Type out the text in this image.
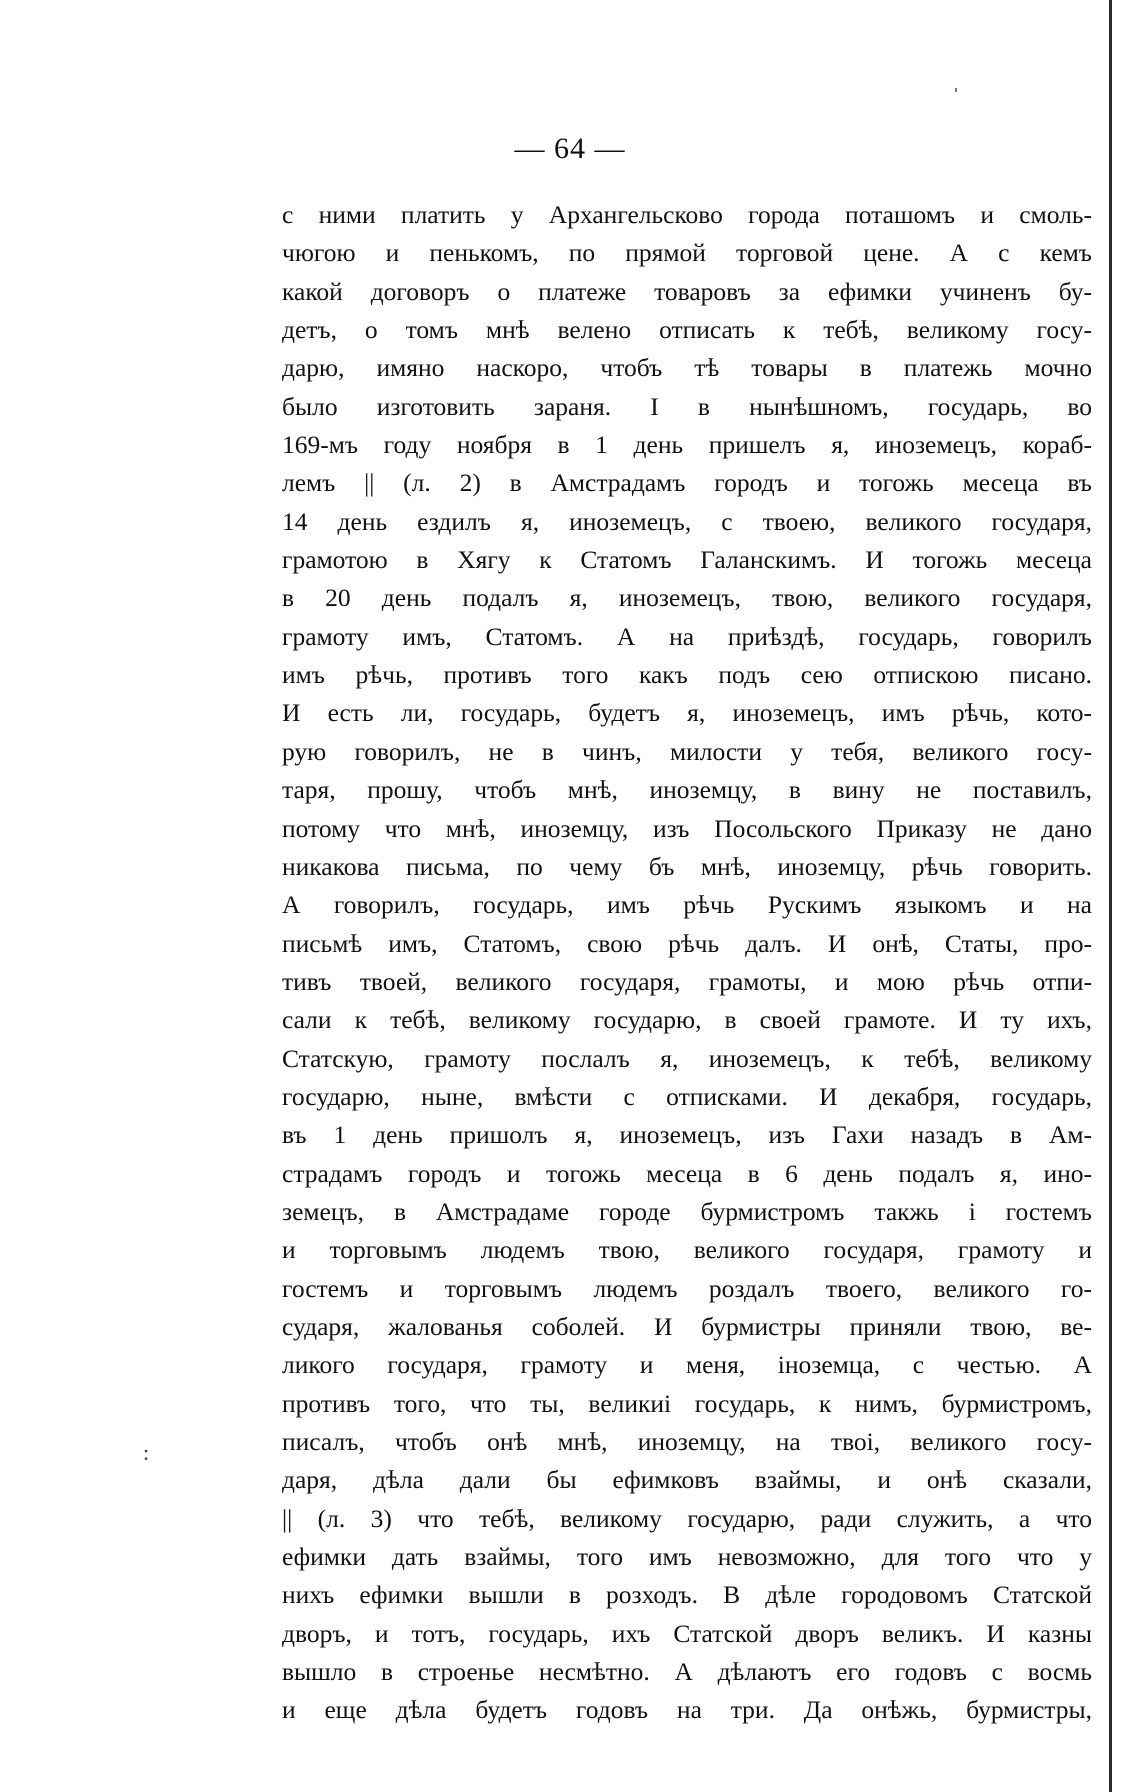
— 64 —
:
с ними платить у Архангельсково города поташомъ и смоль-
чюгою и пенькомъ, по прямой торговой цене. А с кемъ
какой договоръ о платеже товаровъ за ефимки учиненъ бу-
детъ, о томъ мнѣ велено отписать к тебѣ, великому госу-
дарю, имяно наскоро, чтобъ тѣ товары в платежь мочно
было изготовить зараня. I в нынѣшномъ, государь, во
169-мъ году ноября в 1 день пришелъ я, иноземецъ, кораб-
лемъ || (л. 2) в Амстрадамъ городъ и тогожь месеца въ
14 день ездилъ я, иноземецъ, с твоею, великого государя,
грамотою в Хягу к Статомъ Галанскимъ. И тогожь месеца
в 20 день подалъ я, иноземецъ, твою, великого государя,
грамоту имъ, Статомъ. А на приѣздѣ, государь, говорилъ
имъ рѣчь, противъ того какъ подъ сею отпискою писано.
И есть ли, государь, будетъ я, иноземецъ, имъ рѣчь, кото-
рую говорилъ, не в чинъ, милости у тебя, великого госу-
таря, прошу, чтобъ мнѣ, иноземцу, в вину не поставилъ,
потому что мнѣ, иноземцу, изъ Посольского Приказу не дано
никакова письма, по чему бъ мнѣ, иноземцу, рѣчь говорить.
А говорилъ, государь, имъ рѣчь Рускимъ языкомъ и на
письмѣ имъ, Статомъ, свою рѣчь далъ. И онѣ, Статы, про-
тивъ твоей, великого государя, грамоты, и мою рѣчь отпи-
сали к тебѣ, великому государю, в своей грамоте. И ту ихъ,
Статскую, грамоту послалъ я, иноземецъ, к тебѣ, великому
государю, ныне, вмѣсти с отписками. И декабря, государь,
въ 1 день пришолъ я, иноземецъ, изъ Гахи назадъ в Ам-
страдамъ городъ и тогожь месеца в 6 день подалъ я, ино-
земецъ, в Амстрадаме городе бурмистромъ такжь і гостемъ
и торговымъ людемъ твою, великого государя, грамоту и
гостемъ и торговымъ людемъ роздалъ твоего, великого го-
сударя, жалованья соболей. И бурмистры приняли твою, ве-
ликого государя, грамоту и меня, іноземца, с честью. А
противъ того, что ты, великиі государь, к нимъ, бурмистромъ,
писалъ, чтобъ онѣ мнѣ, иноземцу, на твоі, великого госу-
даря, дѣла дали бы ефимковъ взаймы, и онѣ сказали,
|| (л. 3) что тебѣ, великому государю, ради служить, а что
ефимки дать взаймы, того имъ невозможно, для того что у
нихъ ефимки вышли в розходъ. В дѣле городовомъ Статской
дворъ, и тотъ, государь, ихъ Статской дворъ великъ. И казны
вышло в строенье несмѣтно. А дѣлаютъ его годовъ с восмь
и еще дѣла будетъ годовъ на три. Да онѣжь, бурмистры,
